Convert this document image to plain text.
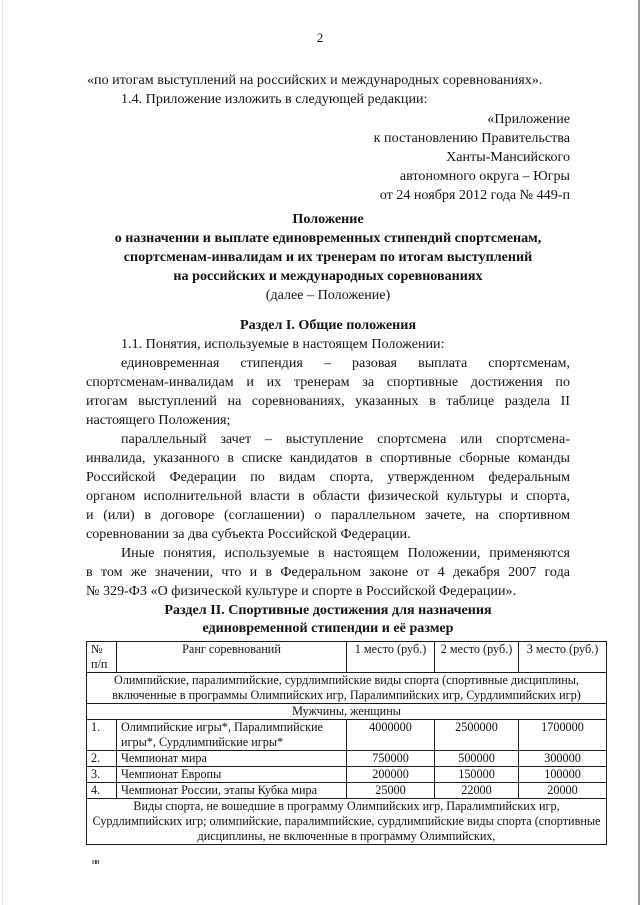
2
«по итогам выступлений на российских и международных соревнованиях».
1.4. Приложение изложить в следующей редакции:
«Приложение
к постановлению Правительства
Ханты-Мансийского
автономного округа – Югры
от 24 ноября 2012 года № 449-п
Положение
о назначении и выплате единовременных стипендий спортсменам,
спортсменам-инвалидам и их тренерам по итогам выступлений
на российских и международных соревнованиях
(далее – Положение)
Раздел I. Общие положения
1.1. Понятия, используемые в настоящем Положении:
единовременная стипендия – разовая выплата спортсменам,
спортсменам-инвалидам и их тренерам за спортивные достижения по
итогам выступлений на соревнованиях, указанных в таблице раздела II
настоящего Положения;
параллельный зачет – выступление спортсмена или спортсмена-
инвалида, указанного в списке кандидатов в спортивные сборные команды
Российской Федерации по видам спорта, утвержденном федеральным
органом исполнительной власти в области физической культуры и спорта,
и (или) в договоре (соглашении) о параллельном зачете, на спортивном
соревновании за два субъекта Российской Федерации.
Иные понятия, используемые в настоящем Положении, применяются
в том же значении, что и в Федеральном законе от 4 декабря 2007 года
№ 329-ФЗ «О физической культуре и спорте в Российской Федерации».
Раздел II. Спортивные достижения для назначения
единовременной стипендии и её размер
№ п/п	Ранг соревнований	1 место (руб.)	2 место (руб.)	3 место (руб.)
Олимпийские, паралимпийские, сурдлимпийские виды спорта (спортивные дисциплины, включенные в программы Олимпийских игр, Паралимпийских игр, Сурдлимпийских игр)				
Мужчины, женщины				
1.	Олимпийские игры*, Паралимпийские игры*, Сурдлимпийские игры*	4000000	2500000	1700000
2.	Чемпионат мира	750000	500000	300000
3.	Чемпионат Европы	200000	150000	100000
4.	Чемпионат России, этапы Кубка мира	25000	22000	20000
Виды спорта, не вошедшие в программу Олимпийских игр, Паралимпийских игр, Сурдлимпийских игр; олимпийские, паралимпийские, сурдлимпийские виды спорта (спортивные дисциплины, не включенные в программу Олимпийских,				
ии
